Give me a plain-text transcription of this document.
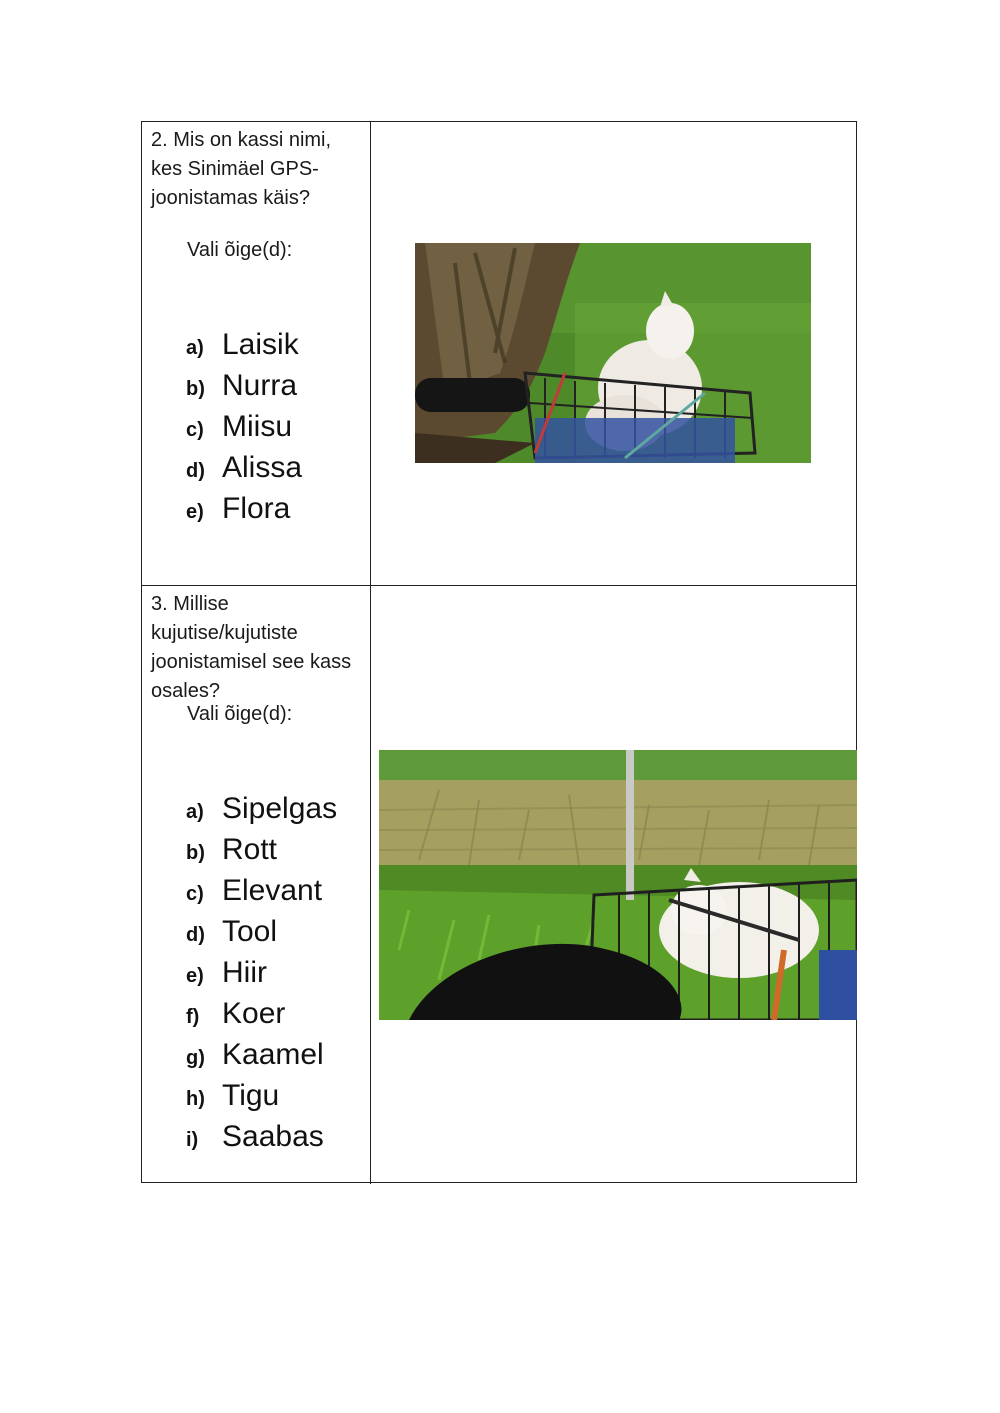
2. Mis on kassi nimi, kes Sinimäel GPS-joonistamas käis?
Vali õige(d):
a) Laisik
b) Nurra
c) Miisu
d) Alissa
e) Flora
3. Millise kujutise/kujutiste joonistamisel see kass osales?
Vali õige(d):
a) Sipelgas
b) Rott
c) Elevant
d) Tool
e) Hiir
f) Koer
g) Kaamel
h) Tigu
i) Saabas
